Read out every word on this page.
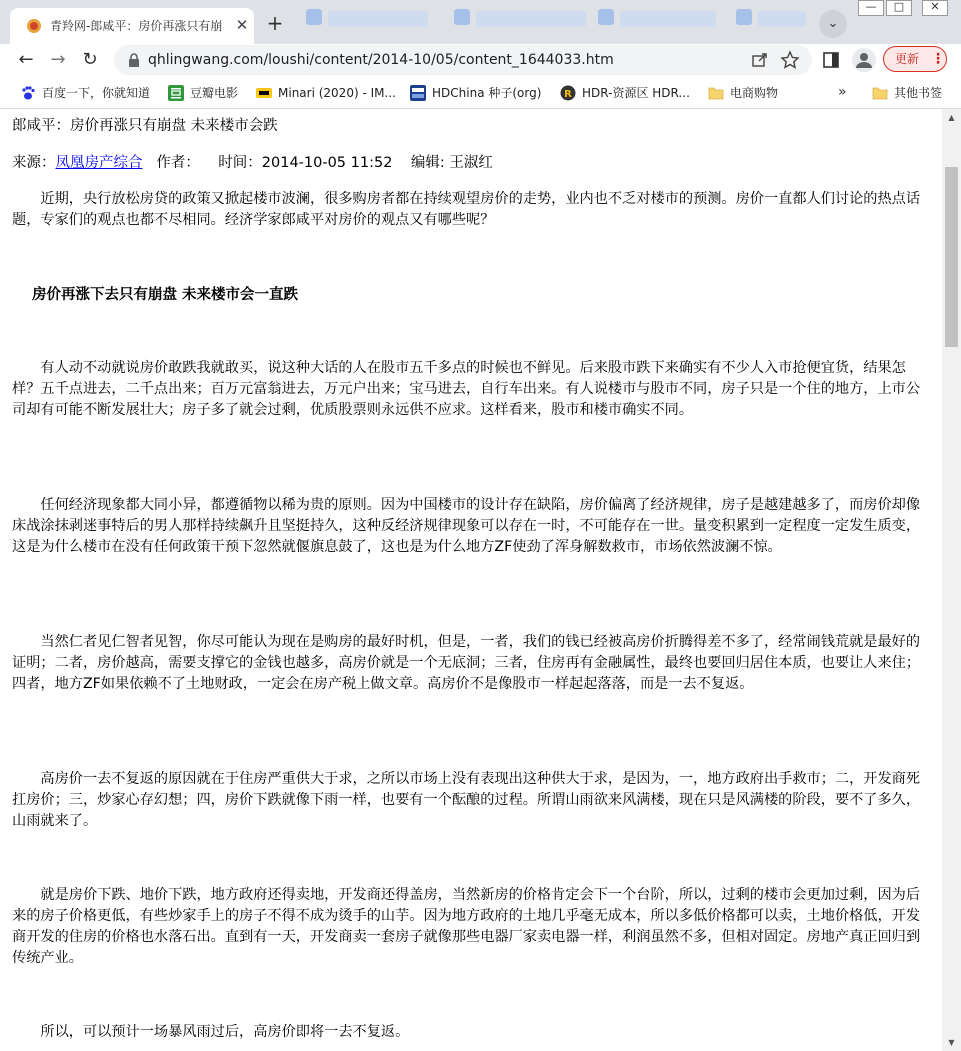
青羚网-郎咸平：房价再涨只有崩 ✕ +	⌄
—	□	✕
← → ↻	qhlingwang.com/loushi/content/2014-10/05/content_1644033.htm	更新 ⋮
百度一下，你就知道	豆瓣电影	Minari (2020) - IM...	HDChina 种子(org) R HDR-资源区 HDR...	电商购物	»	其他书签
郎咸平：房价再涨只有崩盘 未来楼市会跌
来源：凤凰房产综合   作者：    时间：2014-10-05 11:52    编辑: 王淑红
近期，央行放松房贷的政策又掀起楼市波澜，很多购房者都在持续观望房价的走势，业内也不乏对楼市的预测。房价一直都人们讨论的热点话题，专家们的观点也都不尽相同。经济学家郎咸平对房价的观点又有哪些呢？
房价再涨下去只有崩盘 未来楼市会一直跌
有人动不动就说房价敢跌我就敢买，说这种大话的人在股市五千多点的时候也不鲜见。后来股市跌下来确实有不少人入市抢便宜货，结果怎样？五千点进去，二千点出来；百万元富翁进去，万元户出来；宝马进去，自行车出来。有人说楼市与股市不同，房子只是一个住的地方，上市公司却有可能不断发展壮大；房子多了就会过剩，优质股票则永远供不应求。这样看来，股市和楼市确实不同。
任何经济现象都大同小异，都遵循物以稀为贵的原则。因为中国楼市的设计存在缺陷，房价偏离了经济规律，房子是越建越多了，而房价却像床战涂抹剥迷事特后的男人那样持续飙升且坚挺持久，这种反经济规律现象可以存在一时，不可能存在一世。量变积累到一定程度一定发生质变，这是为什么楼市在没有任何政策干预下忽然就偃旗息鼓了，这也是为什么地方ZF使劲了浑身解数救市，市场依然波澜不惊。
当然仁者见仁智者见智，你尽可能认为现在是购房的最好时机，但是，一者，我们的钱已经被高房价折腾得差不多了，经常闹钱荒就是最好的证明；二者，房价越高，需要支撑它的金钱也越多，高房价就是一个无底洞；三者，住房再有金融属性，最终也要回归居住本质，也要让人来住；四者，地方ZF如果依赖不了土地财政，一定会在房产税上做文章。高房价不是像股市一样起起落落，而是一去不复返。
高房价一去不复返的原因就在于住房严重供大于求，之所以市场上没有表现出这种供大于求，是因为，一，地方政府出手救市；二，开发商死扛房价；三，炒家心存幻想；四，房价下跌就像下雨一样，也要有一个酝酿的过程。所谓山雨欲来风满楼，现在只是风满楼的阶段，要不了多久，山雨就来了。
就是房价下跌、地价下跌，地方政府还得卖地，开发商还得盖房，当然新房的价格肯定会下一个台阶，所以，过剩的楼市会更加过剩，因为后来的房子价格更低，有些炒家手上的房子不得不成为烫手的山芋。因为地方政府的土地几乎毫无成本，所以多低价格都可以卖，土地价格低，开发商开发的住房的价格也水落石出。直到有一天，开发商卖一套房子就像那些电器厂家卖电器一样，利润虽然不多，但相对固定。房地产真正回归到传统产业。
所以，可以预计一场暴风雨过后，高房价即将一去不复返。
▲
▼
